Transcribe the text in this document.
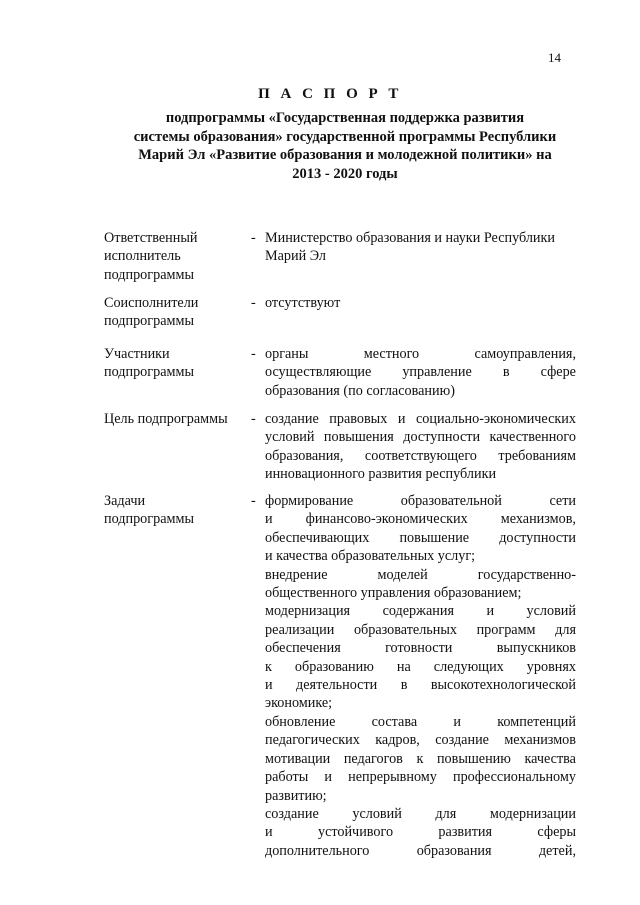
14
П А С П О Р Т
подпрограммы «Государственная поддержка развития
системы образования» государственной программы Республики
Марий Эл «Развитие образования и молодежной политики» на
2013 - 2020 годы
Ответственный
исполнитель
подпрограммы
- Министерство образования и науки Республики
Марий Эл
Соисполнители
подпрограммы
- отсутствуют
Участники
подпрограммы
- органы	местного	самоуправления,
осуществляющие управление в сфере
образования (по согласованию)
Цель подпрограммы	- создание правовых и социально-экономических
условий повышения доступности качественного
образования, соответствующего требованиям
инновационного развития республики
Задачи
подпрограммы
- формирование	образовательной	сети
и финансово-экономических механизмов,
обеспечивающих повышение доступности
и качества образовательных услуг;
внедрение	моделей	государственно-
общественного управления образованием;
модернизация содержания и условий
реализации образовательных программ для
обеспечения	готовности	выпускников
к образованию на следующих уровнях
и деятельности в высокотехнологической
экономике;
обновление	состава	и	компетенций
педагогических кадров, создание механизмов
мотивации педагогов к повышению качества
работы и непрерывному профессиональному
развитию;
создание условий для модернизации
и	устойчивого	развития	сферы
дополнительного	образования	детей,
